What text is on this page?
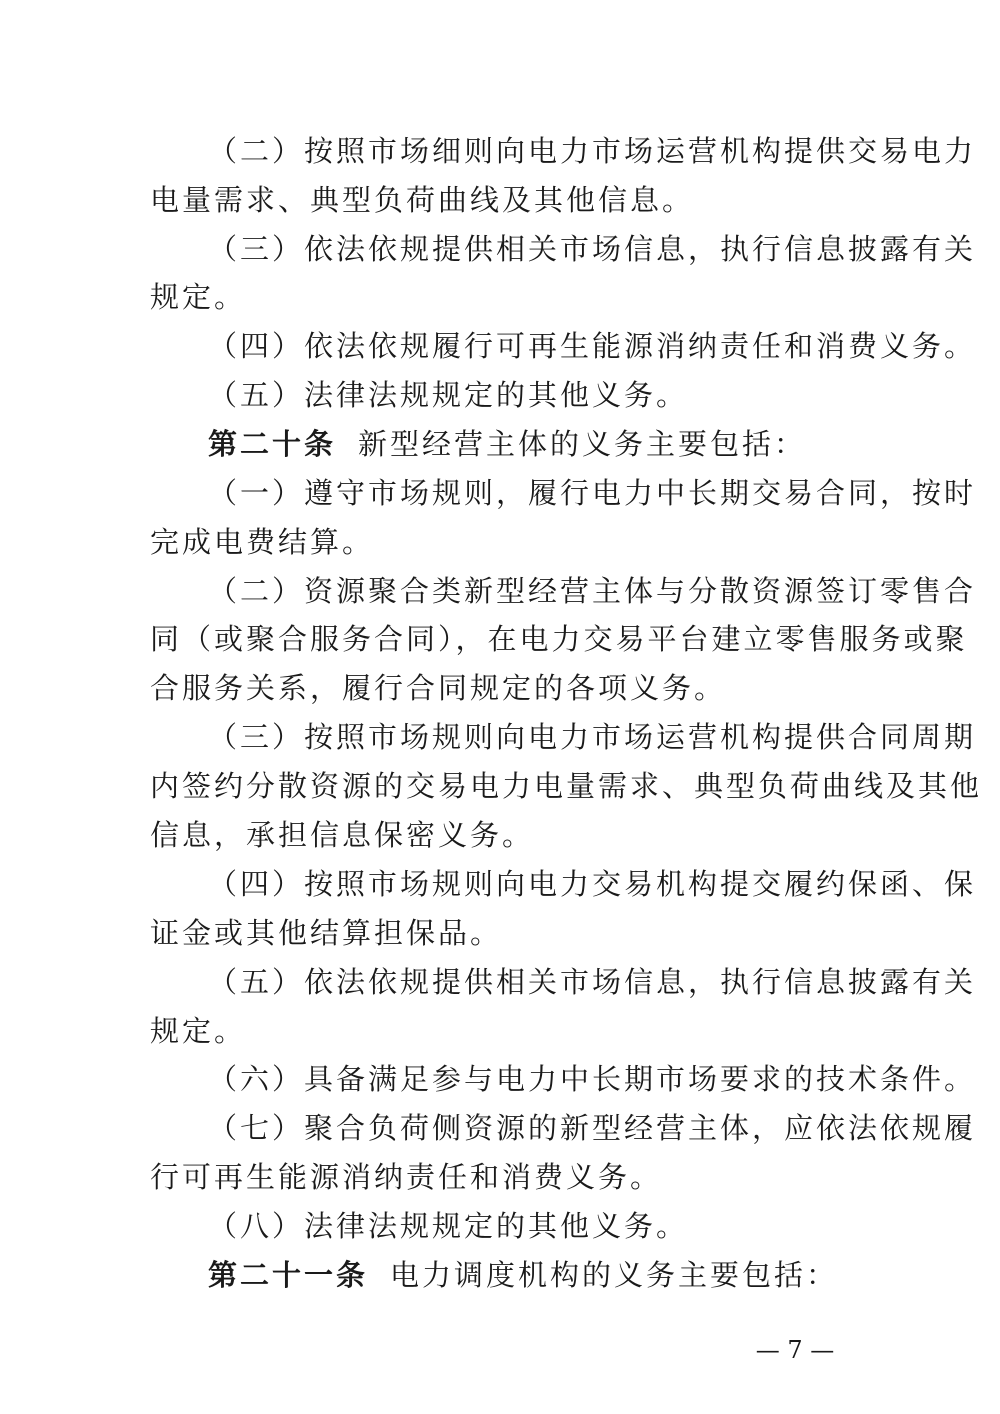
（二）按照市场细则向电力市场运营机构提供交易电力
电量需求、典型负荷曲线及其他信息。
（三）依法依规提供相关市场信息，执行信息披露有关
规定。
（四）依法依规履行可再生能源消纳责任和消费义务。
（五）法律法规规定的其他义务。
第二十条 新型经营主体的义务主要包括：
（一）遵守市场规则，履行电力中长期交易合同，按时
完成电费结算。
（二）资源聚合类新型经营主体与分散资源签订零售合
同（或聚合服务合同），在电力交易平台建立零售服务或聚
合服务关系，履行合同规定的各项义务。
（三）按照市场规则向电力市场运营机构提供合同周期
内签约分散资源的交易电力电量需求、典型负荷曲线及其他
信息，承担信息保密义务。
（四）按照市场规则向电力交易机构提交履约保函、保
证金或其他结算担保品。
（五）依法依规提供相关市场信息，执行信息披露有关
规定。
（六）具备满足参与电力中长期市场要求的技术条件。
（七）聚合负荷侧资源的新型经营主体，应依法依规履
行可再生能源消纳责任和消费义务。
（八）法律法规规定的其他义务。
第二十一条 电力调度机构的义务主要包括：
— 7 —
